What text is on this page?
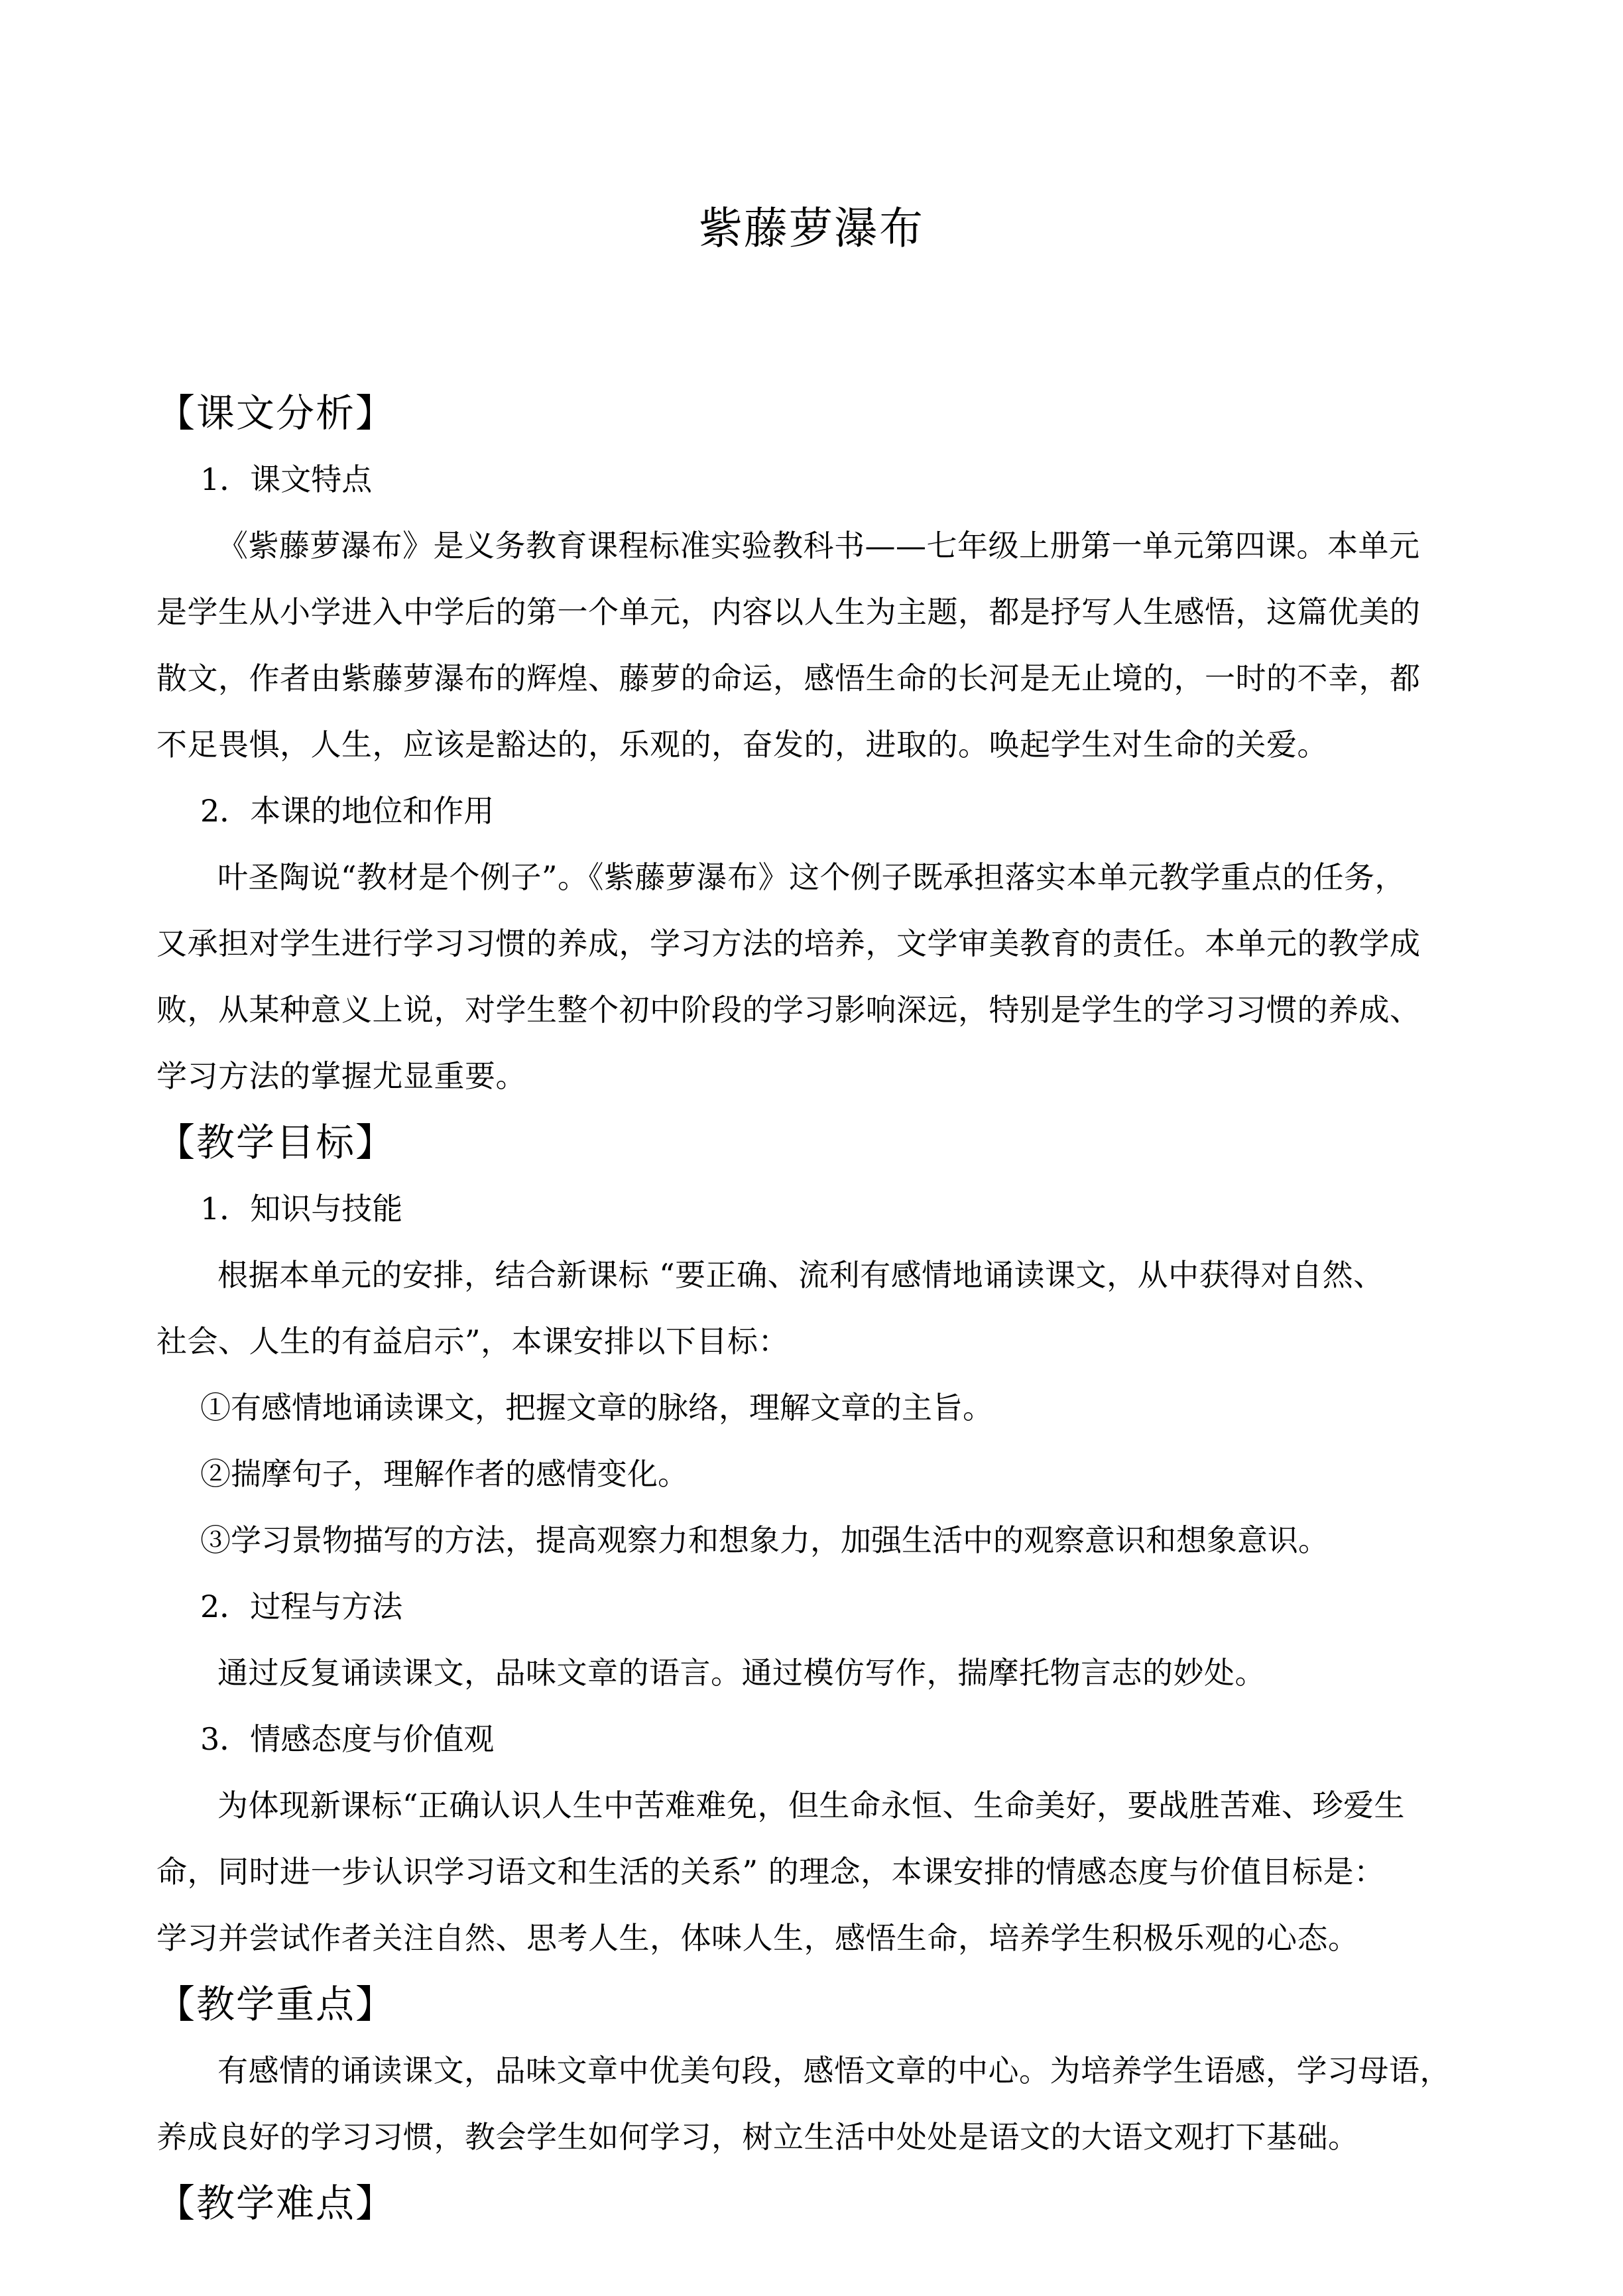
紫藤萝瀑布
【课文分析】
1．课文特点
《紫藤萝瀑布》是义务教育课程标准实验教科书——七年级上册第一单元第四课。本单元
是学生从小学进入中学后的第一个单元，内容以人生为主题，都是抒写人生感悟，这篇优美的
散文，作者由紫藤萝瀑布的辉煌、藤萝的命运，感悟生命的长河是无止境的，一时的不幸，都
不足畏惧，人生，应该是豁达的，乐观的，奋发的，进取的。唤起学生对生命的关爱。
2．本课的地位和作用
叶圣陶说“教材是个例子”。《紫藤萝瀑布》这个例子既承担落实本单元教学重点的任务，
又承担对学生进行学习习惯的养成，学习方法的培养，文学审美教育的责任。本单元的教学成
败，从某种意义上说，对学生整个初中阶段的学习影响深远，特别是学生的学习习惯的养成、
学习方法的掌握尤显重要。
【教学目标】
1．知识与技能
根据本单元的安排，结合新课标 “要正确、流利有感情地诵读课文，从中获得对自然、
社会、人生的有益启示”，本课安排以下目标：
①有感情地诵读课文，把握文章的脉络，理解文章的主旨。
②揣摩句子，理解作者的感情变化。
③学习景物描写的方法，提高观察力和想象力，加强生活中的观察意识和想象意识。
2．过程与方法
通过反复诵读课文，品味文章的语言。通过模仿写作，揣摩托物言志的妙处。
3．情感态度与价值观
为体现新课标“正确认识人生中苦难难免，但生命永恒、生命美好，要战胜苦难、珍爱生
命，同时进一步认识学习语文和生活的关系” 的理念，本课安排的情感态度与价值目标是：
学习并尝试作者关注自然、思考人生，体味人生，感悟生命，培养学生积极乐观的心态。
【教学重点】
有感情的诵读课文，品味文章中优美句段，感悟文章的中心。为培养学生语感，学习母语，
养成良好的学习习惯，教会学生如何学习，树立生活中处处是语文的大语文观打下基础。
【教学难点】
